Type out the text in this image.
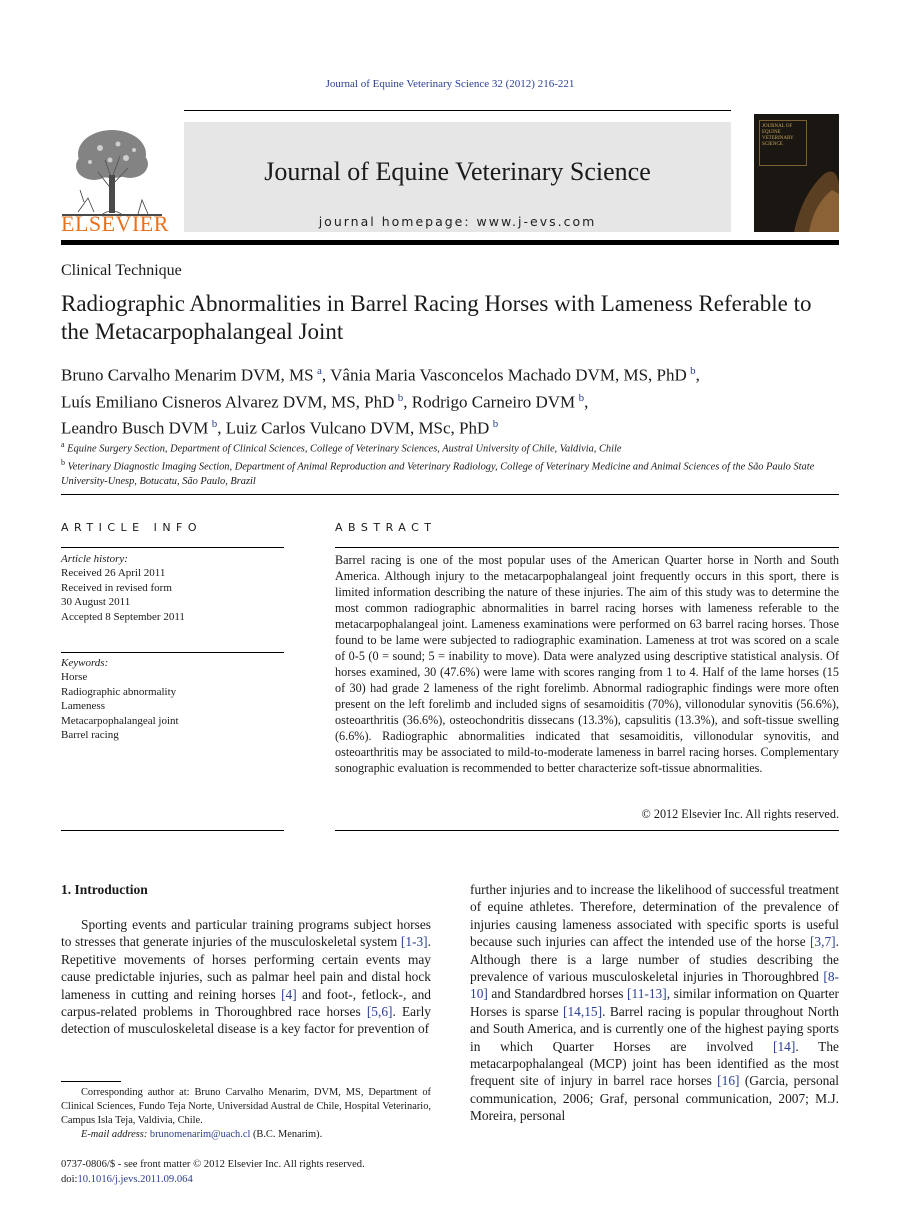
Journal of Equine Veterinary Science 32 (2012) 216-221
ELSEVIER
Journal of Equine Veterinary Science
journal homepage: www.j-evs.com
JOURNAL OF EQUINE VETERINARY SCIENCE
Clinical Technique
Radiographic Abnormalities in Barrel Racing Horses with Lameness Referable to the Metacarpophalangeal Joint
Bruno Carvalho Menarim DVM, MS  $^a$, Vânia Maria Vasconcelos Machado DVM, MS, PhD  $^b$,
Luís Emiliano Cisneros Alvarez DVM, MS, PhD  $^b$, Rodrigo Carneiro DVM  $^b$,
Leandro Busch DVM  $^b$, Luiz Carlos Vulcano DVM, MSc, PhD  $^b$
$^a$ Equine Surgery Section, Department of Clinical Sciences, College of Veterinary Sciences, Austral University of Chile, Valdivia, Chile
$^b$ Veterinary Diagnostic Imaging Section, Department of Animal Reproduction and Veterinary Radiology, College of Veterinary Medicine and Animal Sciences of the São Paulo State University-Unesp, Botucatu, São Paulo, Brazil
ARTICLE INFO	ABSTRACT
Article history:
Received 26 April 2011
Received in revised form
30 August 2011
Accepted 8 September 2011
Keywords:
Horse
Radiographic abnormality
Lameness
Metacarpophalangeal joint
Barrel racing
Barrel racing is one of the most popular uses of the American Quarter horse in North and South America. Although injury to the metacarpophalangeal joint frequently occurs in this sport, there is limited information describing the nature of these injuries. The aim of this study was to determine the most common radiographic abnormalities in barrel racing horses with lameness referable to the metacarpophalangeal joint. Lameness examinations were performed on 63 barrel racing horses. Those found to be lame were subjected to radiographic examination. Lameness at trot was scored on a scale of 0-5 (0 = sound; 5 = inability to move). Data were analyzed using descriptive statistical analysis. Of horses examined, 30 (47.6%) were lame with scores ranging from 1 to 4. Half of the lame horses (15 of 30) had grade 2 lameness of the right forelimb. Abnormal radiographic findings were more often present on the left forelimb and included signs of sesamoiditis (70%), villonodular synovitis (56.6%), osteoarthritis (36.6%), osteochondritis dissecans (13.3%), capsulitis (13.3%), and soft-tissue swelling (6.6%). Radiographic abnormalities indicated that sesamoiditis, villonodular synovitis, and osteoarthritis may be associated to mild-to-moderate lameness in barrel racing horses. Complementary sonographic evaluation is recommended to better characterize soft-tissue abnormalities.
© 2012 Elsevier Inc. All rights reserved.
1. Introduction

Sporting events and particular training programs subject horses to stresses that generate injuries of the musculoskeletal system [1-3]. Repetitive movements of horses performing certain events may cause predictable injuries, such as palmar heel pain and distal hock lameness in cutting and reining horses [4] and foot-, fetlock-, and carpus-related problems in Thoroughbred race horses [5,6]. Early detection of musculoskeletal disease is a key factor for prevention of

further injuries and to increase the likelihood of successful treatment of equine athletes. Therefore, determination of the prevalence of injuries causing lameness associated with specific sports is useful because such injuries can affect the intended use of the horse [3,7]. Although there is a large number of studies describing the prevalence of various musculoskeletal injuries in Thoroughbred [8-10] and Standardbred horses [11-13], similar information on Quarter Horses is sparse [14,15]. Barrel racing is popular throughout North and South America, and is currently one of the highest paying sports in which Quarter Horses are involved [14]. The metacarpophalangeal (MCP) joint has been identified as the most frequent site of injury in barrel race horses [16] (Garcia, personal communication, 2006; Graf, personal communication, 2007; M.J. Moreira, personal

Corresponding author at: Bruno Carvalho Menarim, DVM, MS, Department of Clinical Sciences, Fundo Teja Norte, Universidad Austral de Chile, Hospital Veterinario, Campus Isla Teja, Valdivia, Chile.
E-mail address: brunomenarim@uach.cl (B.C. Menarim).
0737-0806/$ - see front matter © 2012 Elsevier Inc. All rights reserved.
doi:10.1016/j.jevs.2011.09.064
